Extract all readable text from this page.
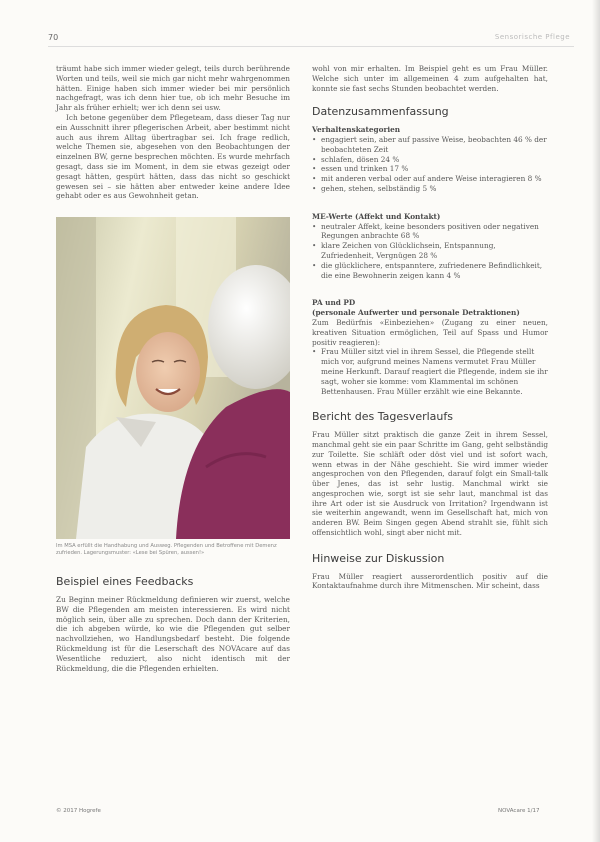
70	Sensorische Pflege

träumt habe sich immer wieder gelegt, teils durch berührende Worten und teils, weil sie mich gar nicht mehr wahrgenommen hätten. Einige haben sich immer wieder bei mir persönlich nachgefragt, was ich denn hier tue, ob ich mehr Besuche im Jahr als früher erhielt; wer ich denn sei usw.

Ich betone gegenüber dem Pflegeteam, dass dieser Tag nur ein Ausschnitt ihrer pflegerischen Arbeit, aber bestimmt nicht auch aus ihrem Alltag übertragbar sei. Ich frage redlich, welche Themen sie, abgesehen von den Beobachtungen der einzelnen BW, gerne besprechen möchten. Es wurde mehrfach gesagt, dass sie im Moment, in dem sie etwas gezeigt oder gesagt hätten, gespürt hätten, dass das nicht so geschickt gewesen sei – sie hätten aber entweder keine andere Idee gehabt oder es aus Gewohnheit getan.

Im MSA erfüllt die Handhabung und Ausweg. Pflegenden und Betroffene mit Demenz zufrieden. Lagerungsmuster: «Lese bei Spüren, aussen!»
Beispiel eines Feedbacks

Zu Beginn meiner Rückmeldung definieren wir zuerst, welche BW die Pflegenden am meisten interessieren. Es wird nicht möglich sein, über alle zu sprechen. Doch dann der Kriterien, die ich abgeben würde, ko wie die Pflegenden gut selber nachvollziehen, wo Handlungsbedarf besteht. Die folgende Rückmeldung ist für die Leserschaft des NOVAcare auf das Wesentliche reduziert, also nicht identisch mit der Rückmeldung, die die Pflegenden erhielten.

wohl von mir erhalten. Im Beispiel geht es um Frau Müller. Welche sich unter im allgemeinen 4 zum aufgehalten hat, konnte sie fast sechs Stunden beobachtet werden.

Datenzusammenfassung
Verhaltenskategorien
• engagiert sein, aber auf passive Weise, beobachten 46 % der beobachteten Zeit
• schlafen, dösen 24 %
• essen und trinken 17 %
• mit anderen verbal oder auf andere Weise interagieren 8 %
• gehen, stehen, selbständig 5 %
ME-Werte (Affekt und Kontakt)
• neutraler Affekt, keine besonders positiven oder negativen Regungen anbrachte 68 %
• klare Zeichen von Glücklichsein, Entspannung, Zufriedenheit, Vergnügen 28 %
• die glücklichere, entspanntere, zufriedenere Befindlichkeit, die eine Bewohnerin zeigen kann 4 %
PA und PD
(personale Aufwerter und personale Detraktionen)

Zum Bedürfnis «Einbeziehen» (Zugang zu einer neuen, kreativen Situation ermöglichen, Teil auf Spass und Humor positiv reagieren):

• Frau Müller sitzt viel in ihrem Sessel, die Pflegende stellt mich vor, aufgrund meines Namens vermutet Frau Müller meine Herkunft. Darauf reagiert die Pflegende, indem sie ihr sagt, woher sie komme: vom Klammental im schönen Bettenhausen. Frau Müller erzählt wie eine Bekannte.
Bericht des Tagesverlaufs

Frau Müller sitzt praktisch die ganze Zeit in ihrem Sessel, manchmal geht sie ein paar Schritte im Gang, geht selbständig zur Toilette. Sie schläft oder döst viel und ist sofort wach, wenn etwas in der Nähe geschieht. Sie wird immer wieder angesprochen von den Pflegenden, darauf folgt ein Small-talk über Jenes, das ist sehr lustig. Manchmal wirkt sie angesprochen wie, sorgt ist sie sehr laut, manchmal ist das ihre Art oder ist sie Ausdruck von Irritation? Irgendwann ist sie weiterhin angewandt, wenn im Gesellschaft hat, mich von anderen BW. Beim Singen gegen Abend strahlt sie, fühlt sich offensichtlich wohl, singt aber nicht mit.

Hinweise zur Diskussion

Frau Müller reagiert ausserordentlich positiv auf die Kontaktaufnahme durch ihre Mitmenschen. Mir scheint, dass

© 2017 Hogrefe	NOVAcare 1/17
